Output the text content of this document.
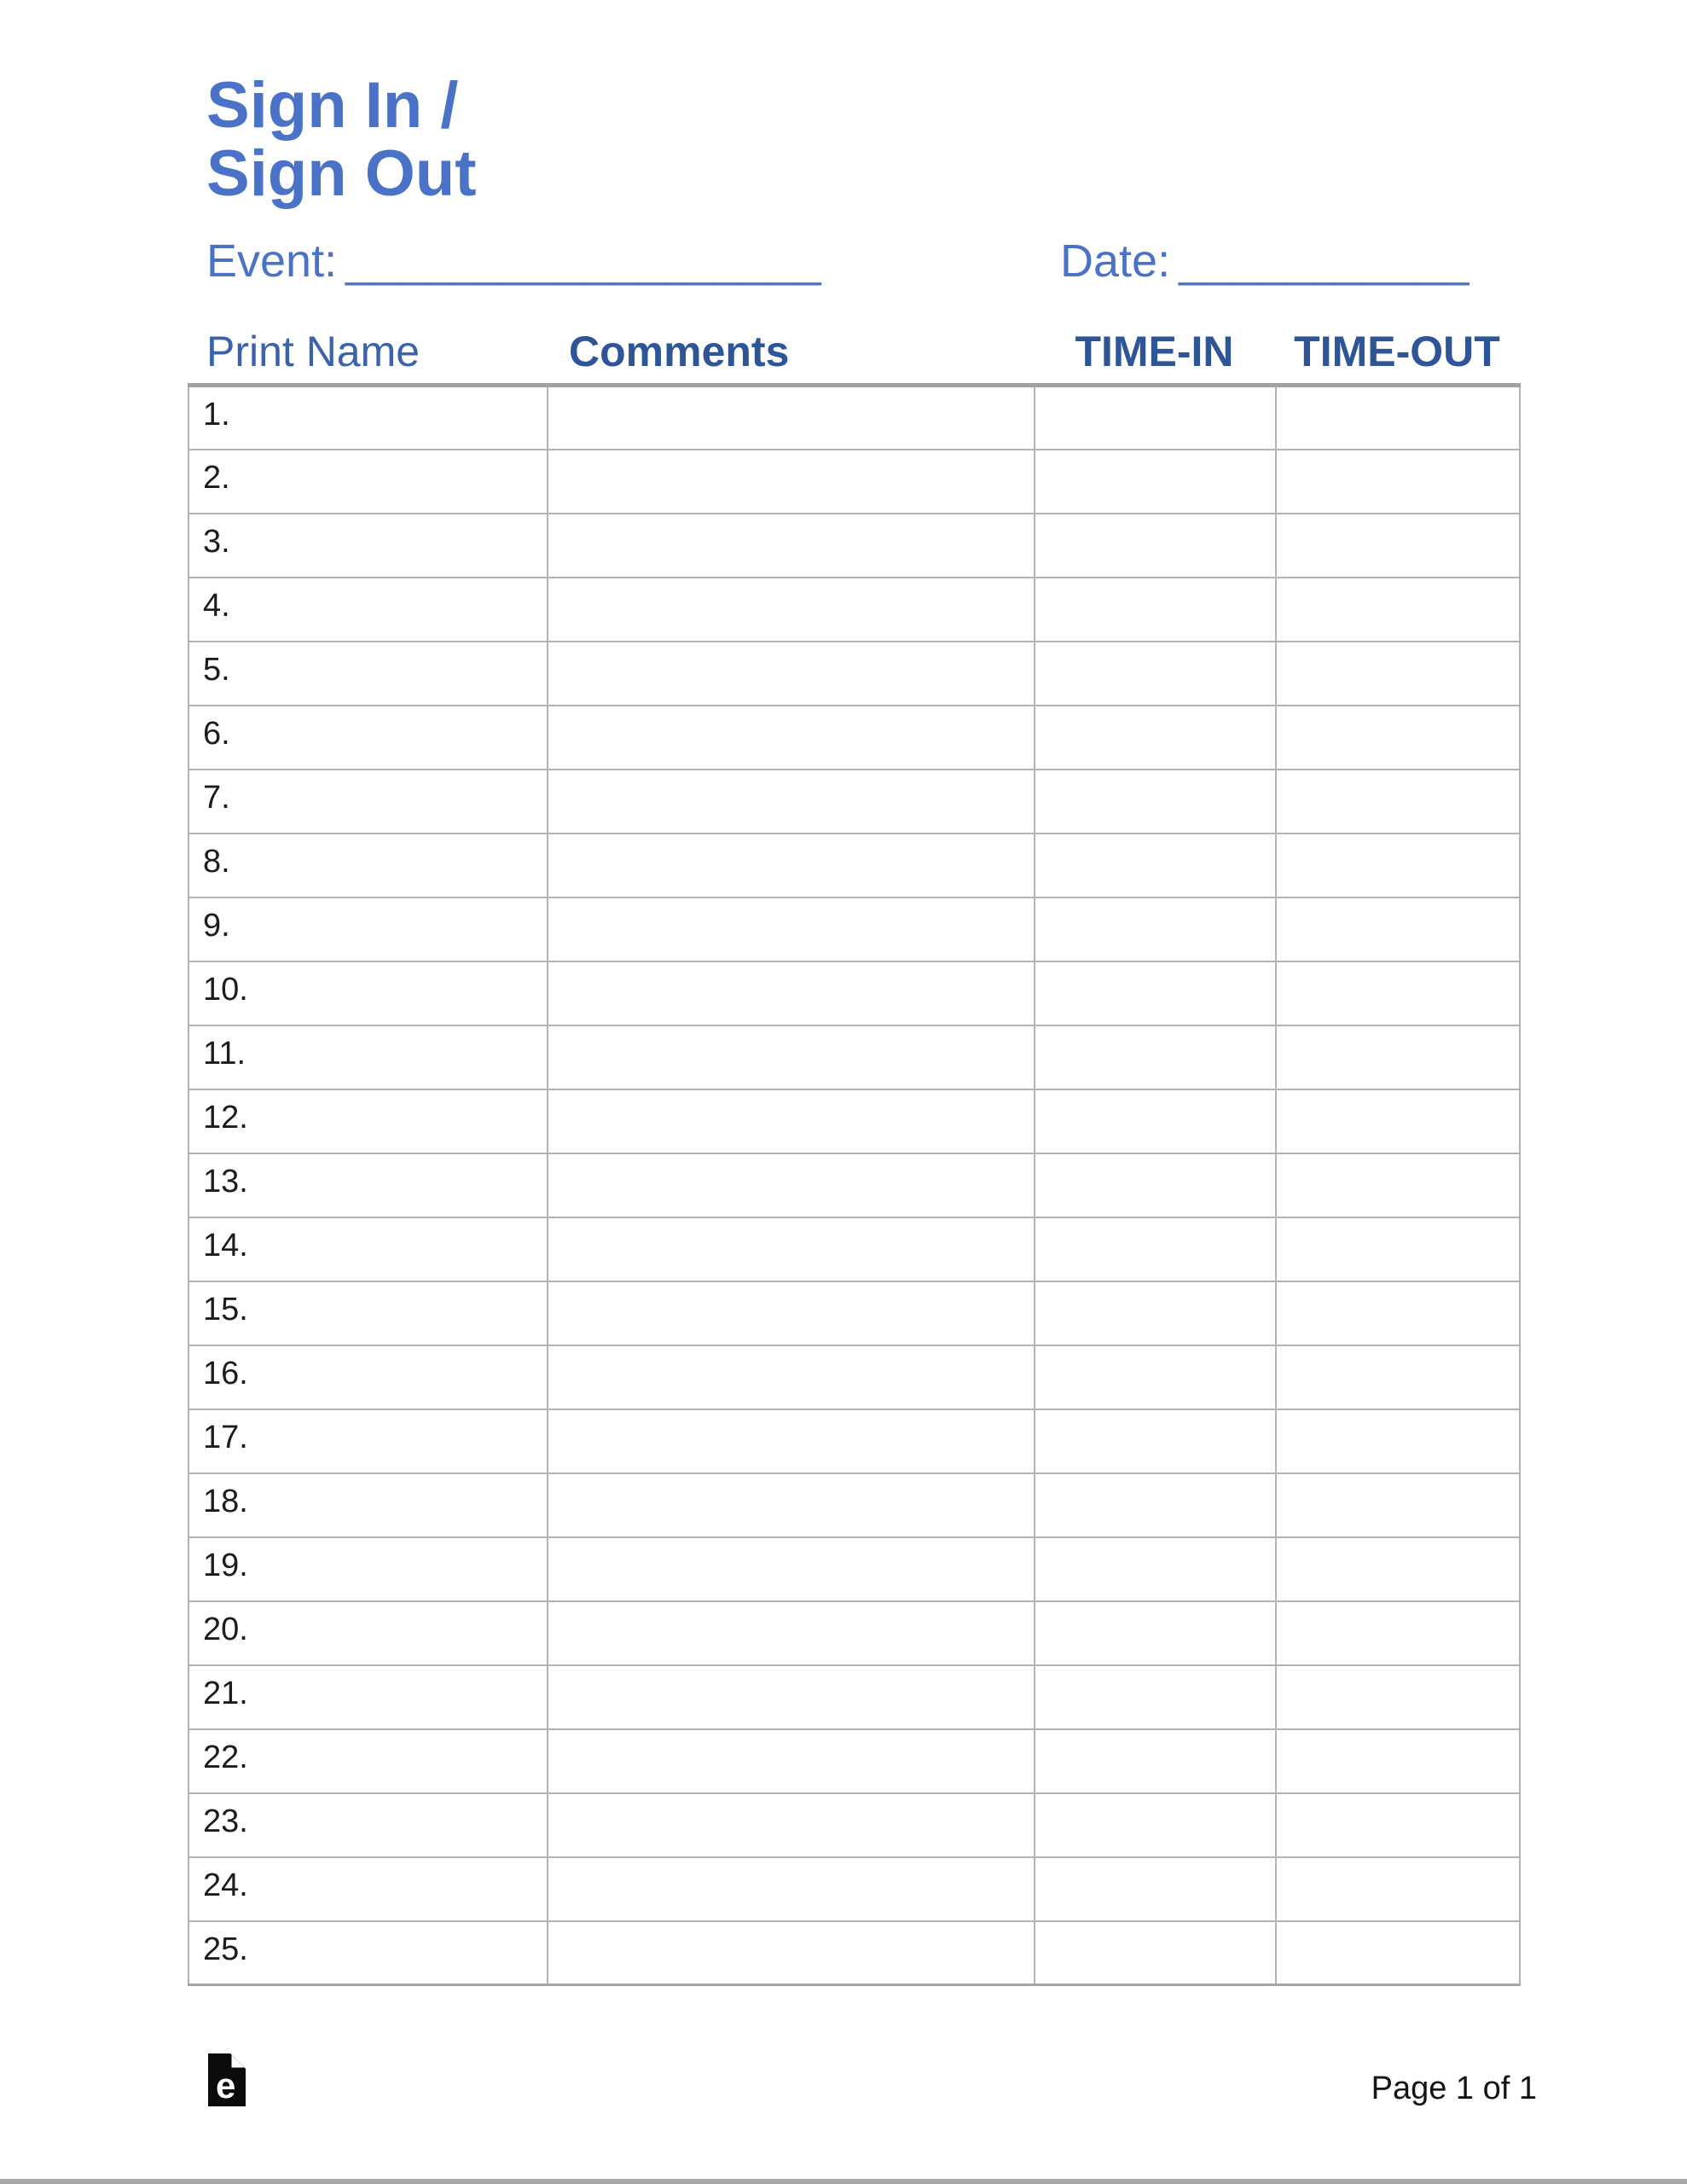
Sign In /
Sign Out
Event: __________________	Date: ___________
Print Name	Comments	TIME-IN	TIME-OUT
1.			
2.			
3.			
4.			
5.			
6.			
7.			
8.			
9.			
10.			
11.			
12.			
13.			
14.			
15.			
16.			
17.			
18.			
19.			
20.			
21.			
22.			
23.			
24.			
25.			
e	Page 1 of 1
